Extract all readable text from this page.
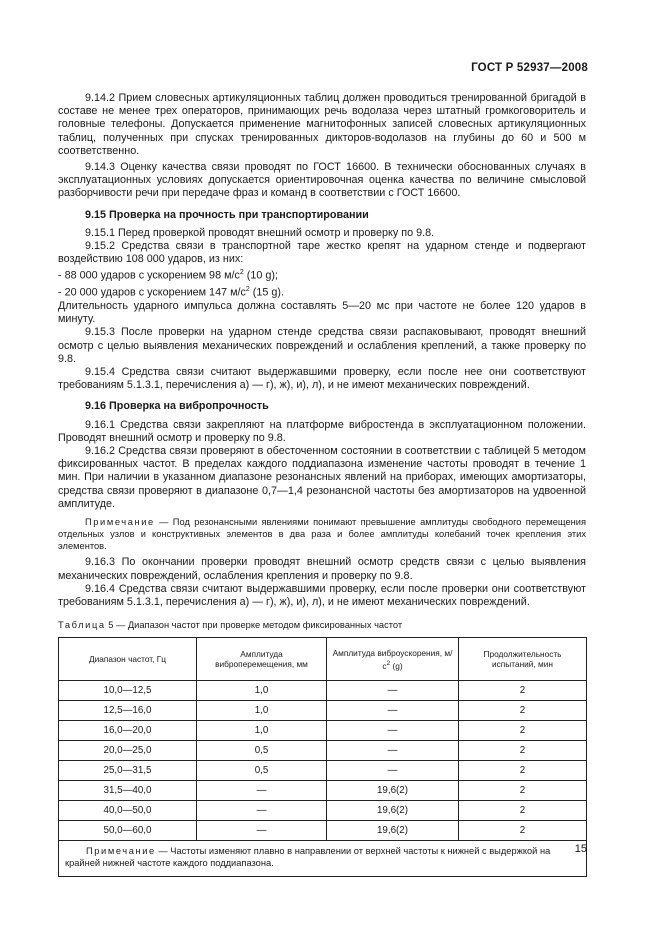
ГОСТ Р 52937—2008

9.14.2 Прием словесных артикуляционных таблиц должен проводиться тренированной бригадой в составе не менее трех операторов, принимающих речь водолаза через штатный громкоговоритель и головные телефоны. Допускается применение магнитофонных записей словесных артикуляционных таблиц, полученных при спусках тренированных дикторов-водолазов на глубины до 60 и 500 м соответственно.

9.14.3 Оценку качества связи проводят по ГОСТ 16600. В технически обоснованных случаях в эксплуатационных условиях допускается ориентировочная оценка качества по величине смысловой разборчивости речи при передаче фраз и команд в соответствии с ГОСТ 16600.

9.15 Проверка на прочность при транспортировании

9.15.1 Перед проверкой проводят внешний осмотр и проверку по 9.8.

9.15.2 Средства связи в транспортной таре жестко крепят на ударном стенде и подвергают воздействию 108 000 ударов, из них:

- 88 000 ударов с ускорением 98 $м/с^2$ (10 g);

- 20 000 ударов с ускорением 147 $м/с^2$ (15 g).

Длительность ударного импульса должна составлять 5—20 мс при частоте не более 120 ударов в минуту.

9.15.3 После проверки на ударном стенде средства связи распаковывают, проводят внешний осмотр с целью выявления механических повреждений и ослабления креплений, а также проверку по 9.8.

9.15.4 Средства связи считают выдержавшими проверку, если после нее они соответствуют требованиям 5.1.3.1, перечисления а) — г), ж), и), л), и не имеют механических повреждений.

9.16 Проверка на вибропрочность

9.16.1 Средства связи закрепляют на платформе вибростенда в эксплуатационном положении. Проводят внешний осмотр и проверку по 9.8.

9.16.2 Средства связи проверяют в обесточенном состоянии в соответствии с таблицей 5 методом фиксированных частот. В пределах каждого поддиапазона изменение частоты проводят в течение 1 мин. При наличии в указанном диапазоне резонансных явлений на приборах, имеющих амортизаторы, средства связи проверяют в диапазоне 0,7—1,4 резонансной частоты без амортизаторов на удвоенной амплитуде.

Примечание — Под резонансными явлениями понимают превышение амплитуды свободного перемещения отдельных узлов и конструктивных элементов в два раза и более амплитуды колебаний точек крепления этих элементов.

9.16.3 По окончании проверки проводят внешний осмотр средств связи с целью выявления механических повреждений, ослабления крепления и проверку по 9.8.

9.16.4 Средства связи считают выдержавшими проверку, если после проверки они соответствуют требованиям 5.1.3.1, перечисления а) — г), ж), и), л), и не имеют механических повреждений.

Таблица 5 — Диапазон частот при проверке методом фиксированных частот

Диапазон частот, Гц	Амплитуда виброперемещения, мм	Амплитуда виброускорения, $м/с^2$ (g)	Продолжительность испытаний, мин
10,0—12,5	1,0	—	2
12,5—16,0	1,0	—	2
16,0—20,0	1,0	—	2
20,0—25,0	0,5	—	2
25,0—31,5	0,5	—	2
31,5—40,0	—	19,6(2)	2
40,0—50,0	—	19,6(2)	2
50,0—60,0	—	19,6(2)	2
Примечание — Частоты изменяют плавно в направлении от верхней частоты к нижней с выдержкой на крайней нижней частоте каждого поддиапазона.			
15
